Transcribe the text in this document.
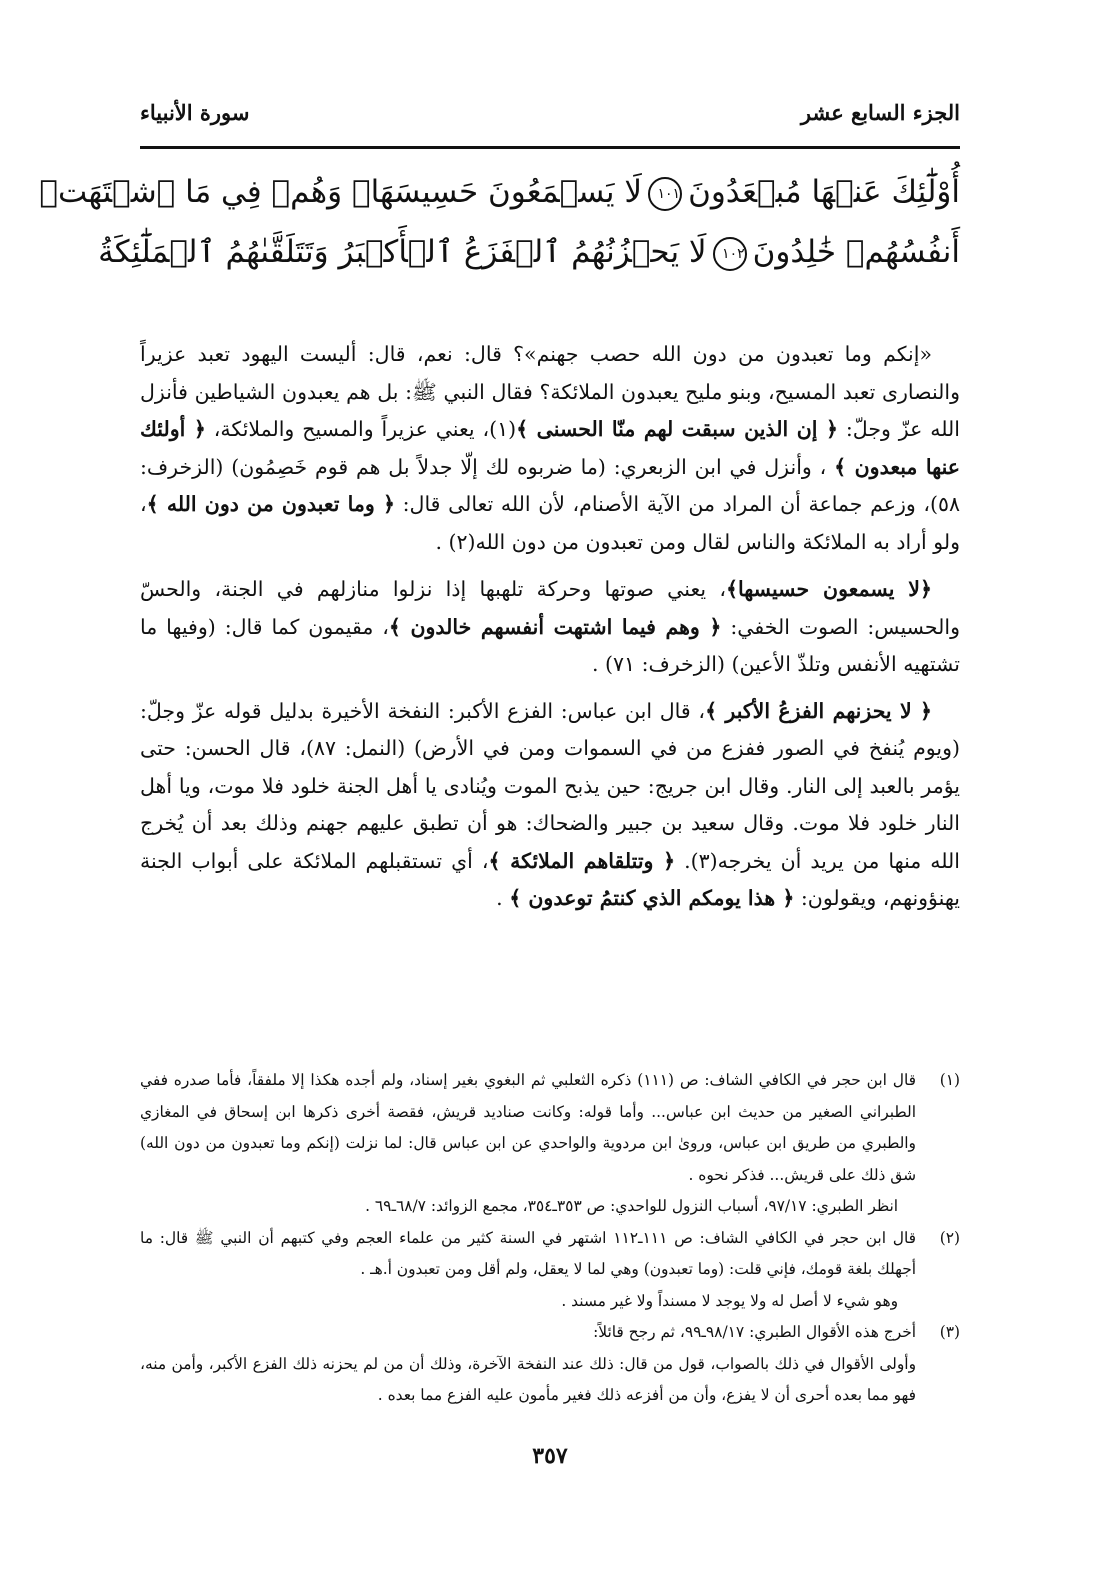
الجزء السابع عشر
سورة الأنبياء
أُوْلَٰٓئِكَ عَنۡهَا مُبۡعَدُونَ١٠١لَا يَسۡمَعُونَ حَسِيسَهَاۖ وَهُمۡ فِي مَا ٱشۡتَهَتۡ
أَنفُسُهُمۡ خَٰلِدُونَ١٠٢لَا يَحۡزُنُهُمُ ٱلۡفَزَعُ ٱلۡأَكۡبَرُ وَتَتَلَقَّىٰهُمُ ٱلۡمَلَٰٓئِكَةُ

«إنكم وما تعبدون من دون الله حصب جهنم»؟ قال: نعم، قال: أليست اليهود تعبد عزيراً والنصارى تعبد المسيح، وبنو مليح يعبدون الملائكة؟ فقال النبي ﷺ: بل هم يعبدون الشياطين فأنزل الله عزّ وجلّ: ﴿ إن الذين سبقت لهم منّا الحسنى ﴾(١)، يعني عزيراً والمسيح والملائكة، ﴿ أولئك عنها مبعدون ﴾ ، وأنزل في ابن الزبعري: (ما ضربوه لك إلّا جدلاً بل هم قوم خَصِمُون) (الزخرف: ٥٨)، وزعم جماعة أن المراد من الآية الأصنام، لأن الله تعالى قال: ﴿ وما تعبدون من دون الله ﴾، ولو أراد به الملائكة والناس لقال ومن تعبدون من دون الله(٢) .

﴿لا يسمعون حسيسها﴾، يعني صوتها وحركة تلهبها إذا نزلوا منازلهم في الجنة، والحسّ والحسيس: الصوت الخفي: ﴿ وهم فيما اشتهت أنفسهم خالدون ﴾، مقيمون كما قال: (وفيها ما تشتهيه الأنفس وتلذّ الأعين) (الزخرف: ٧١) .

﴿ لا يحزنهم الفزعُ الأكبر ﴾، قال ابن عباس: الفزع الأكبر: النفخة الأخيرة بدليل قوله عزّ وجلّ: (ويوم يُنفخ في الصور ففزع من في السموات ومن في الأرض) (النمل: ٨٧)، قال الحسن: حتى يؤمر بالعبد إلى النار. وقال ابن جريج: حين يذبح الموت ويُنادى يا أهل الجنة خلود فلا موت، ويا أهل النار خلود فلا موت. وقال سعيد بن جبير والضحاك: هو أن تطبق عليهم جهنم وذلك بعد أن يُخرج الله منها من يريد أن يخرجه(٣). ﴿ وتتلقاهم الملائكة ﴾، أي تستقبلهم الملائكة على أبواب الجنة يهنؤونهم، ويقولون: ﴿ هذا يومكم الذي كنتمُ توعدون ﴾ .

(١)

قال ابن حجر في الكافي الشاف: ص (١١١) ذكره الثعلبي ثم البغوي بغير إسناد، ولم أجده هكذا إلا ملفقاً، فأما صدره ففي الطبراني الصغير من حديث ابن عباس... وأما قوله: وكانت صناديد قريش، فقصة أخرى ذكرها ابن إسحاق في المغازي والطبري من طريق ابن عباس، وروىٰ ابن مردوية والواحدي عن ابن عباس قال: لما نزلت (إنكم وما تعبدون من دون الله) شق ذلك على قريش... فذكر نحوه .

انظر الطبري: ٩٧/١٧، أسباب النزول للواحدي: ص ٣٥٣ـ٣٥٤، مجمع الزوائد: ٦٨/٧ـ٦٩ .

(٢)

قال ابن حجر في الكافي الشاف: ص ١١١ـ١١٢ اشتهر في السنة كثير من علماء العجم وفي كتبهم أن النبي ﷺ قال: ما أجهلك بلغة قومك، فإني قلت: (وما تعبدون) وهي لما لا يعقل، ولم أقل ومن تعبدون أ.هـ .

وهو شيء لا أصل له ولا يوجد لا مسنداً ولا غير مسند .

(٣)

أخرج هذه الأقوال الطبري: ٩٨/١٧ـ٩٩، ثم رجح قائلاً:

وأولى الأقوال في ذلك بالصواب، قول من قال: ذلك عند النفخة الآخرة، وذلك أن من لم يحزنه ذلك الفزع الأكبر، وأمن منه، فهو مما بعده أحرى أن لا يفزع، وأن من أفزعه ذلك فغير مأمون عليه الفزع مما بعده .

٣٥٧
